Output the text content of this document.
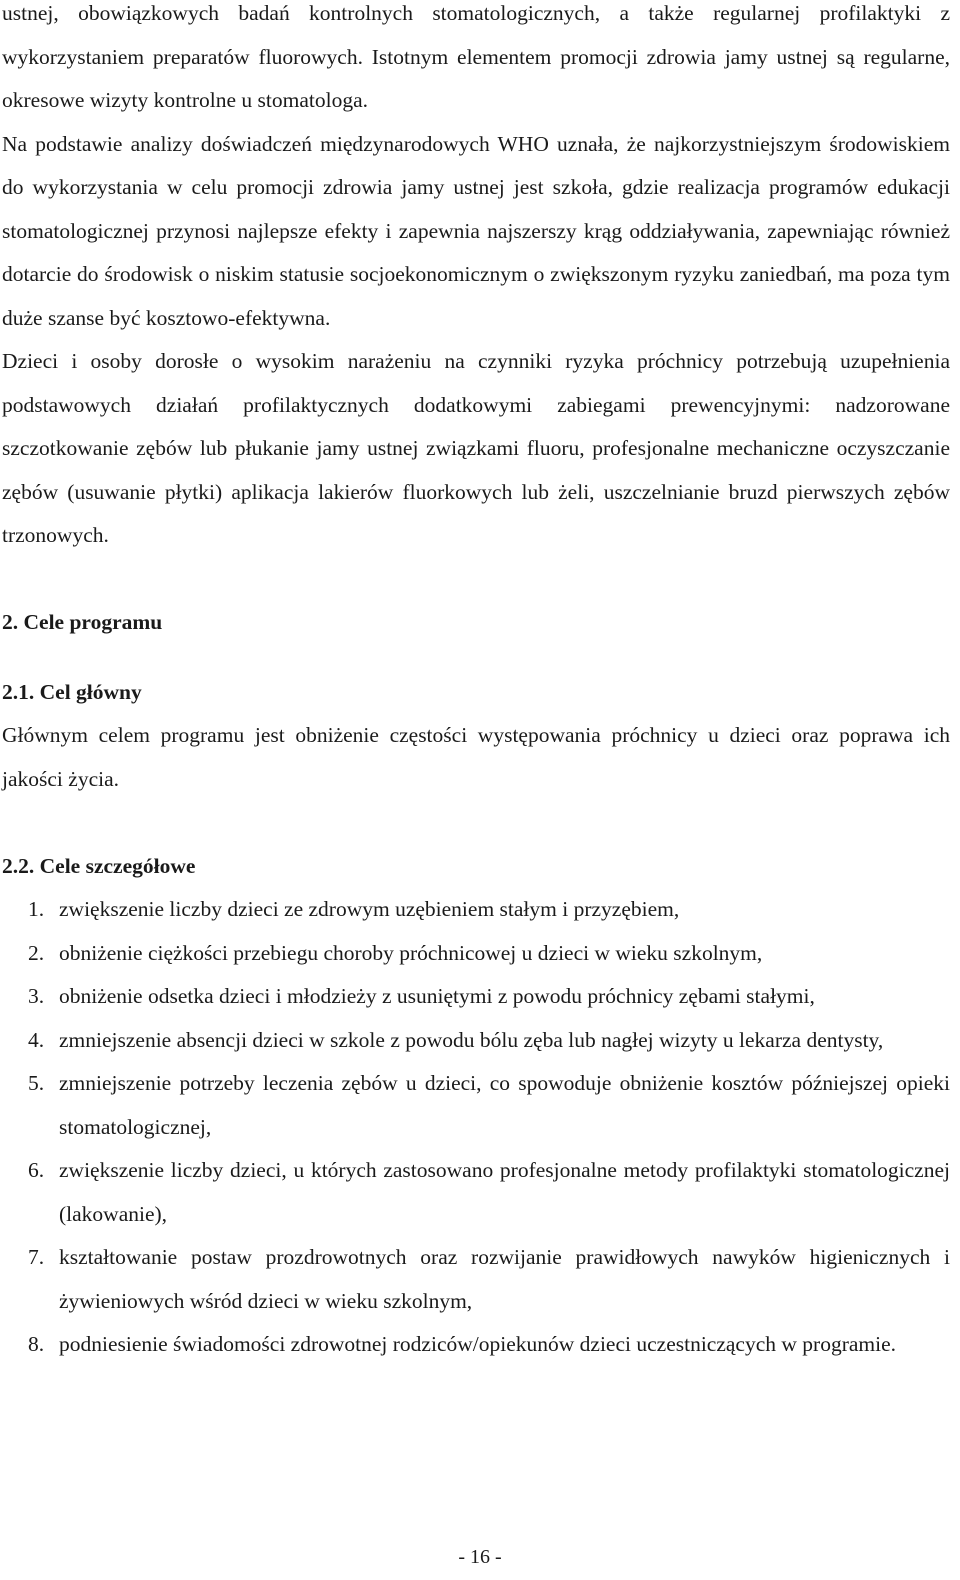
ustnej, obowiązkowych badań kontrolnych stomatologicznych, a także regularnej profilaktyki z wykorzystaniem preparatów fluorowych. Istotnym elementem promocji zdrowia jamy ustnej są regularne, okresowe wizyty kontrolne u stomatologa.

Na podstawie analizy doświadczeń międzynarodowych WHO uznała, że najkorzystniejszym środowiskiem do wykorzystania w celu promocji zdrowia jamy ustnej jest szkoła, gdzie realizacja programów edukacji stomatologicznej przynosi najlepsze efekty i zapewnia najszerszy krąg oddziaływania, zapewniając również dotarcie do środowisk o niskim statusie socjoekonomicznym o zwiększonym ryzyku zaniedbań, ma poza tym duże szanse być kosztowo-efektywna.

Dzieci i osoby dorosłe o wysokim narażeniu na czynniki ryzyka próchnicy potrzebują uzupełnienia podstawowych działań profilaktycznych dodatkowymi zabiegami prewencyjnymi: nadzorowane szczotkowanie zębów lub płukanie jamy ustnej związkami fluoru, profesjonalne mechaniczne oczyszczanie zębów (usuwanie płytki) aplikacja lakierów fluorkowych lub żeli, uszczelnianie bruzd pierwszych zębów trzonowych.

2. Cele programu
2.1. Cel główny

Głównym celem programu jest obniżenie częstości występowania próchnicy u dzieci oraz poprawa ich jakości życia.

2.2. Cele szczegółowe
1. zwiększenie liczby dzieci ze zdrowym uzębieniem stałym i przyzębiem,
2. obniżenie ciężkości przebiegu choroby próchnicowej u dzieci w wieku szkolnym,
3. obniżenie odsetka dzieci i młodzieży z usuniętymi z powodu próchnicy zębami stałymi,
4. zmniejszenie absencji dzieci w szkole z powodu bólu zęba lub nagłej wizyty u lekarza dentysty,
5. zmniejszenie potrzeby leczenia zębów u dzieci, co spowoduje obniżenie kosztów późniejszej opieki stomatologicznej,
6. zwiększenie liczby dzieci, u których zastosowano profesjonalne metody profilaktyki stomatologicznej (lakowanie),
7. kształtowanie postaw prozdrowotnych oraz rozwijanie prawidłowych nawyków higienicznych i żywieniowych wśród dzieci w wieku szkolnym,
8. podniesienie świadomości zdrowotnej rodziców/opiekunów dzieci uczestniczących w programie.
- 16 -
